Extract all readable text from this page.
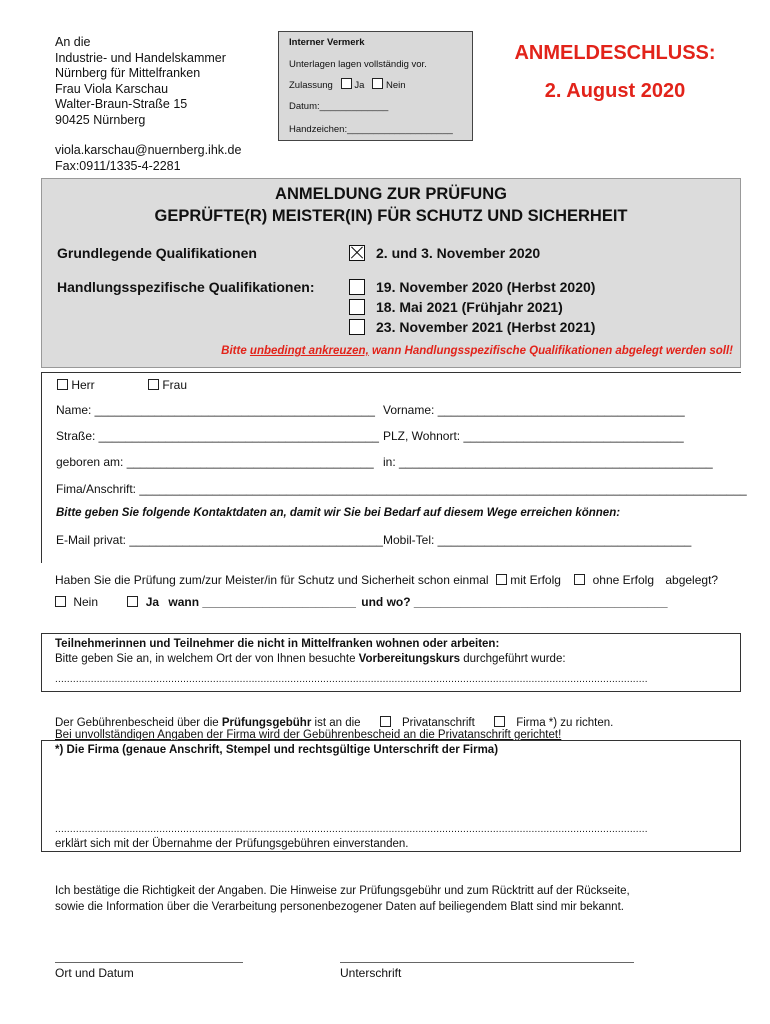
An die
Industrie- und Handelskammer
Nürnberg für Mittelfranken
Frau Viola Karschau
Walter-Braun-Straße 15
90425 Nürnberg
viola.karschau@nuernberg.ihk.de
Fax:0911/1335-4-2281
Interner Vermerk
Unterlagen lagen vollständig vor.
Zulassung Ja Nein
Datum:_____________
Handzeichen:____________________
ANMELDESCHLUSS:
2. August 2020
ANMELDUNG ZUR PRÜFUNG
GEPRÜFTE(R) MEISTER(IN) FÜR SCHUTZ UND SICHERHEIT
Grundlegende Qualifikationen	2. und 3. November 2020
Handlungsspezifische Qualifikationen:	19. November 2020 (Herbst 2020)
18. Mai 2021 (Frühjahr 2021)
23. November 2021 (Herbst 2021)
Bitte unbedingt ankreuzen, wann Handlungsspezifische Qualifikationen abgelegt werden soll!
Herr	Frau
Name: __________________________________________ Vorname: _____________________________________
Straße: __________________________________________ PLZ, Wohnort: _________________________________
geboren am: _____________________________________ in: _______________________________________________
Fima/Anschrift: ___________________________________________________________________________________________
Bitte geben Sie folgende Kontaktdaten an, damit wir Sie bei Bedarf auf diesem Wege erreichen können:
E-Mail privat: ______________________________________ Mobil-Tel: ______________________________________
Haben Sie die Prüfung zum/zur Meister/in für Schutz und Sicherheit schon einmal mit Erfolg	ohne Erfolg abgelegt?
Nein	Ja wann _______________________ und wo? ______________________________________
Teilnehmerinnen und Teilnehmer die nicht in Mittelfranken wohnen oder arbeiten:
Bitte geben Sie an, in welchem Ort der von Ihnen besuchte Vorbereitungskurs durchgeführt wurde:
.......................................................................................................................................................................................................
Der Gebührenbescheid über die Prüfungsgebühr ist an die	Privatanschrift	Firma *) zu richten.
Bei unvollständigen Angaben der Firma wird der Gebührenbescheid an die Privatanschrift gerichtet!
*) Die Firma (genaue Anschrift, Stempel und rechtsgültige Unterschrift der Firma)
.......................................................................................................................................................................................................
erklärt sich mit der Übernahme der Prüfungsgebühren einverstanden.
Ich bestätige die Richtigkeit der Angaben. Die Hinweise zur Prüfungsgebühr und zum Rücktritt auf der Rückseite,
sowie die Information über die Verarbeitung personenbezogener Daten auf beiliegendem Blatt sind mir bekannt.
Ort und Datum	Unterschrift
